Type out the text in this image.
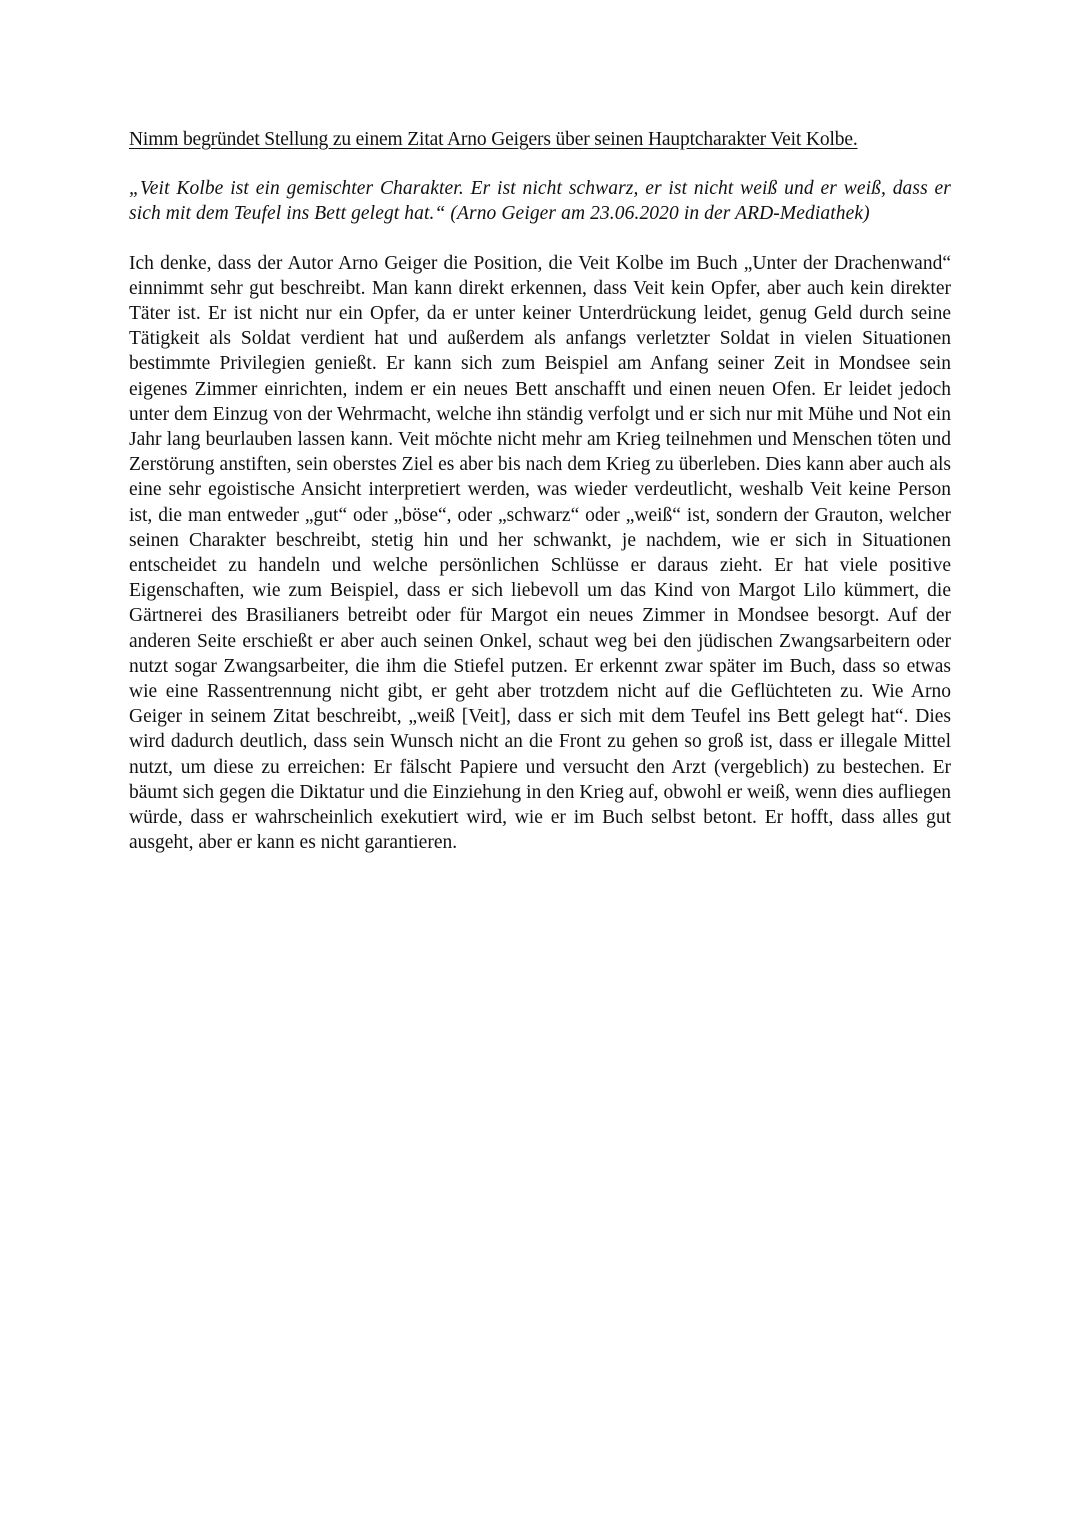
Nimm begründet Stellung zu einem Zitat Arno Geigers über seinen Hauptcharakter Veit Kolbe.

„Veit Kolbe ist ein gemischter Charakter. Er ist nicht schwarz, er ist nicht weiß und er weiß, dass er sich mit dem Teufel ins Bett gelegt hat.“ (Arno Geiger am 23.06.2020 in der ARD-Mediathek)

Ich denke, dass der Autor Arno Geiger die Position, die Veit Kolbe im Buch „Unter der Drachenwand“ einnimmt sehr gut beschreibt. Man kann direkt erkennen, dass Veit kein Opfer, aber auch kein direkter Täter ist. Er ist nicht nur ein Opfer, da er unter keiner Unterdrückung leidet, genug Geld durch seine Tätigkeit als Soldat verdient hat und außerdem als anfangs verletzter Soldat in vielen Situationen bestimmte Privilegien genießt. Er kann sich zum Beispiel am Anfang seiner Zeit in Mondsee sein eigenes Zimmer einrichten, indem er ein neues Bett anschafft und einen neuen Ofen. Er leidet jedoch unter dem Einzug von der Wehrmacht, welche ihn ständig verfolgt und er sich nur mit Mühe und Not ein Jahr lang beurlauben lassen kann. Veit möchte nicht mehr am Krieg teilnehmen und Menschen töten und Zerstörung anstiften, sein oberstes Ziel es aber bis nach dem Krieg zu überleben. Dies kann aber auch als eine sehr egoistische Ansicht interpretiert werden, was wieder verdeutlicht, weshalb Veit keine Person ist, die man entweder „gut“ oder „böse“, oder „schwarz“ oder „weiß“ ist, sondern der Grauton, welcher seinen Charakter beschreibt, stetig hin und her schwankt, je nachdem, wie er sich in Situationen entscheidet zu handeln und welche persönlichen Schlüsse er daraus zieht. Er hat viele positive Eigenschaften, wie zum Beispiel, dass er sich liebevoll um das Kind von Margot Lilo kümmert, die Gärtnerei des Brasilianers betreibt oder für Margot ein neues Zimmer in Mondsee besorgt. Auf der anderen Seite erschießt er aber auch seinen Onkel, schaut weg bei den jüdischen Zwangsarbeitern oder nutzt sogar Zwangsarbeiter, die ihm die Stiefel putzen. Er erkennt zwar später im Buch, dass so etwas wie eine Rassentrennung nicht gibt, er geht aber trotzdem nicht auf die Geflüchteten zu. Wie Arno Geiger in seinem Zitat beschreibt, „weiß [Veit], dass er sich mit dem Teufel ins Bett gelegt hat“. Dies wird dadurch deutlich, dass sein Wunsch nicht an die Front zu gehen so groß ist, dass er illegale Mittel nutzt, um diese zu erreichen: Er fälscht Papiere und versucht den Arzt (vergeblich) zu bestechen. Er bäumt sich gegen die Diktatur und die Einziehung in den Krieg auf, obwohl er weiß, wenn dies aufliegen würde, dass er wahrscheinlich exekutiert wird, wie er im Buch selbst betont. Er hofft, dass alles gut ausgeht, aber er kann es nicht garantieren.
